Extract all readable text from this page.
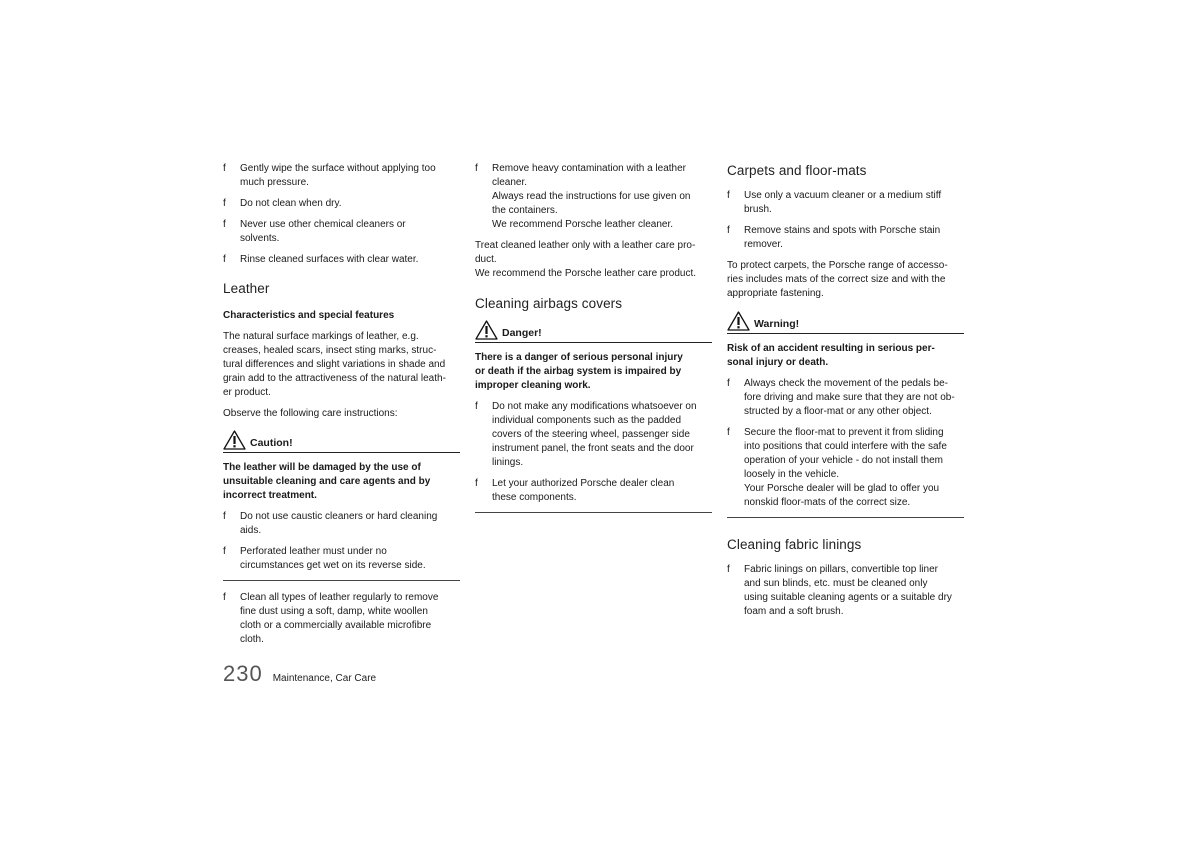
f	Gently wipe the surface without applying too
much pressure.
f	Do not clean when dry.
f	Never use other chemical cleaners or
solvents.
f	Rinse cleaned surfaces with clear water.
Leather
Characteristics and special features
The natural surface markings of leather, e.g.
creases, healed scars, insect sting marks, struc-
tural differences and slight variations in shade and
grain add to the attractiveness of the natural leath-
er product.
Observe the following care instructions:
Caution!
The leather will be damaged by the use of
unsuitable cleaning and care agents and by
incorrect treatment.
f	Do not use caustic cleaners or hard cleaning
aids.
f	Perforated leather must under no
circumstances get wet on its reverse side.
f	Clean all types of leather regularly to remove
fine dust using a soft, damp, white woollen
cloth or a commercially available microfibre
cloth.
f	Remove heavy contamination with a leather
cleaner.
Always read the instructions for use given on
the containers.
We recommend Porsche leather cleaner.
Treat cleaned leather only with a leather care pro-
duct.
We recommend the Porsche leather care product.
Cleaning airbags covers
Danger!
There is a danger of serious personal injury
or death if the airbag system is impaired by
improper cleaning work.
f	Do not make any modifications whatsoever on
individual components such as the padded
covers of the steering wheel, passenger side
instrument panel, the front seats and the door
linings.
f	Let your authorized Porsche dealer clean
these components.
Carpets and floor-mats
f	Use only a vacuum cleaner or a medium stiff
brush.
f	Remove stains and spots with Porsche stain
remover.
To protect carpets, the Porsche range of accesso-
ries includes mats of the correct size and with the
appropriate fastening.
Warning!
Risk of an accident resulting in serious per-
sonal injury or death.
f	Always check the movement of the pedals be-
fore driving and make sure that they are not ob-
structed by a floor-mat or any other object.
f	Secure the floor-mat to prevent it from sliding
into positions that could interfere with the safe
operation of your vehicle - do not install them
loosely in the vehicle.
Your Porsche dealer will be glad to offer you
nonskid floor-mats of the correct size.
Cleaning fabric linings
f	Fabric linings on pillars, convertible top liner
and sun blinds, etc. must be cleaned only
using suitable cleaning agents or a suitable dry
foam and a soft brush.
230 Maintenance, Car Care
